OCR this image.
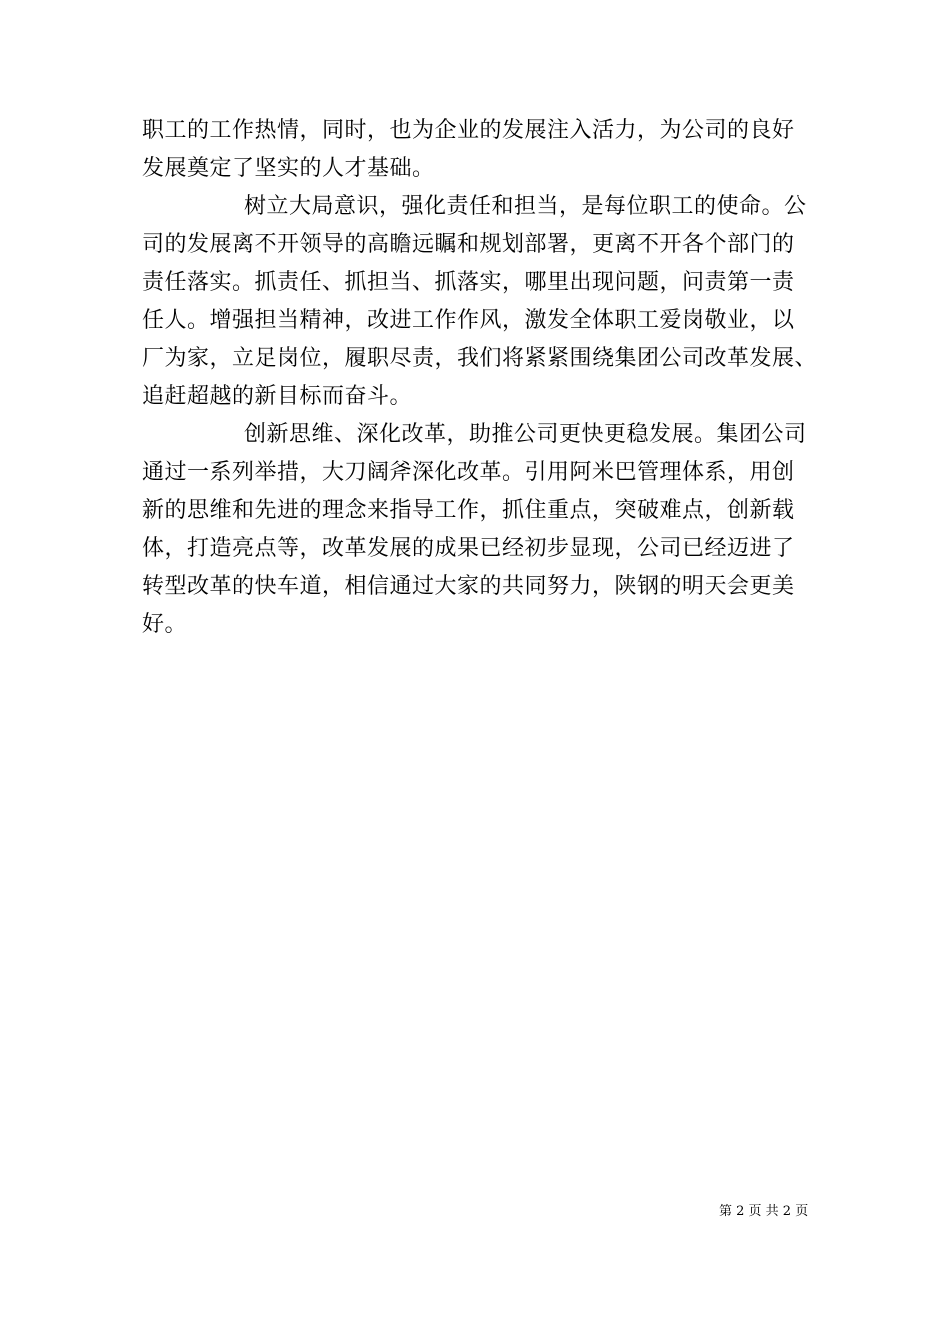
职工的工作热情，同时，也为企业的发展注入活力，为公司的良好
发展奠定了坚实的人才基础。
树立大局意识，强化责任和担当，是每位职工的使命。公
司的发展离不开领导的高瞻远瞩和规划部署，更离不开各个部门的
责任落实。抓责任、抓担当、抓落实，哪里出现问题，问责第一责
任人。增强担当精神，改进工作作风，激发全体职工爱岗敬业，以
厂为家，立足岗位，履职尽责，我们将紧紧围绕集团公司改革发展、
追赶超越的新目标而奋斗。
创新思维、深化改革，助推公司更快更稳发展。集团公司
通过一系列举措，大刀阔斧深化改革。引用阿米巴管理体系，用创
新的思维和先进的理念来指导工作，抓住重点，突破难点，创新载
体，打造亮点等，改革发展的成果已经初步显现，公司已经迈进了
转型改革的快车道，相信通过大家的共同努力，陕钢的明天会更美
好。
第 2 页 共 2 页
